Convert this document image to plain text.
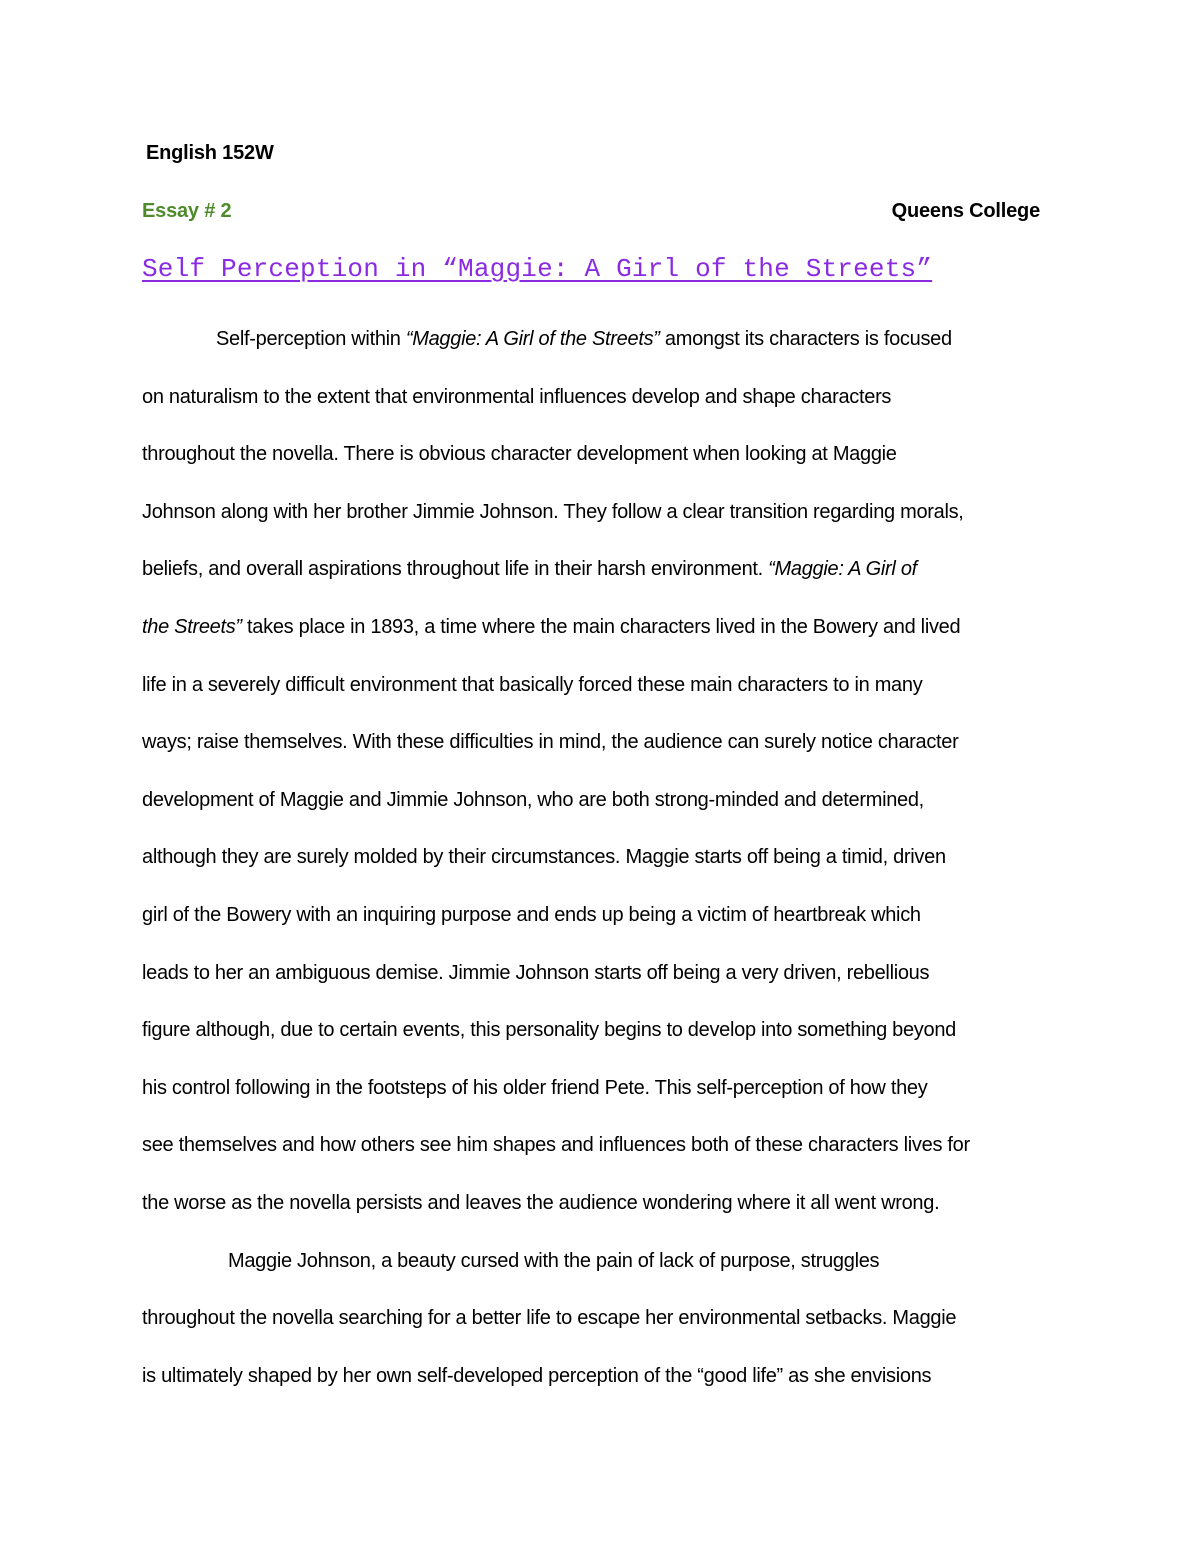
English 152W
Essay # 2	Queens College
Self Perception in “Maggie: A Girl of the Streets”
Self-perception within “Maggie: A Girl of the Streets” amongst its characters is focused
on naturalism to the extent that environmental influences develop and shape characters
throughout the novella. There is obvious character development when looking at Maggie
Johnson along with her brother Jimmie Johnson. They follow a clear transition regarding morals,
beliefs, and overall aspirations throughout life in their harsh environment. “Maggie: A Girl of
the Streets” takes place in 1893, a time where the main characters lived in the Bowery and lived
life in a severely difficult environment that basically forced these main characters to in many
ways; raise themselves. With these difficulties in mind, the audience can surely notice character
development of Maggie and Jimmie Johnson, who are both strong-minded and determined,
although they are surely molded by their circumstances. Maggie starts off being a timid, driven
girl of the Bowery with an inquiring purpose and ends up being a victim of heartbreak which
leads to her an ambiguous demise. Jimmie Johnson starts off being a very driven, rebellious
figure although, due to certain events, this personality begins to develop into something beyond
his control following in the footsteps of his older friend Pete. This self-perception of how they
see themselves and how others see him shapes and influences both of these characters lives for
the worse as the novella persists and leaves the audience wondering where it all went wrong.
Maggie Johnson, a beauty cursed with the pain of lack of purpose, struggles
throughout the novella searching for a better life to escape her environmental setbacks. Maggie
is ultimately shaped by her own self-developed perception of the “good life” as she envisions
